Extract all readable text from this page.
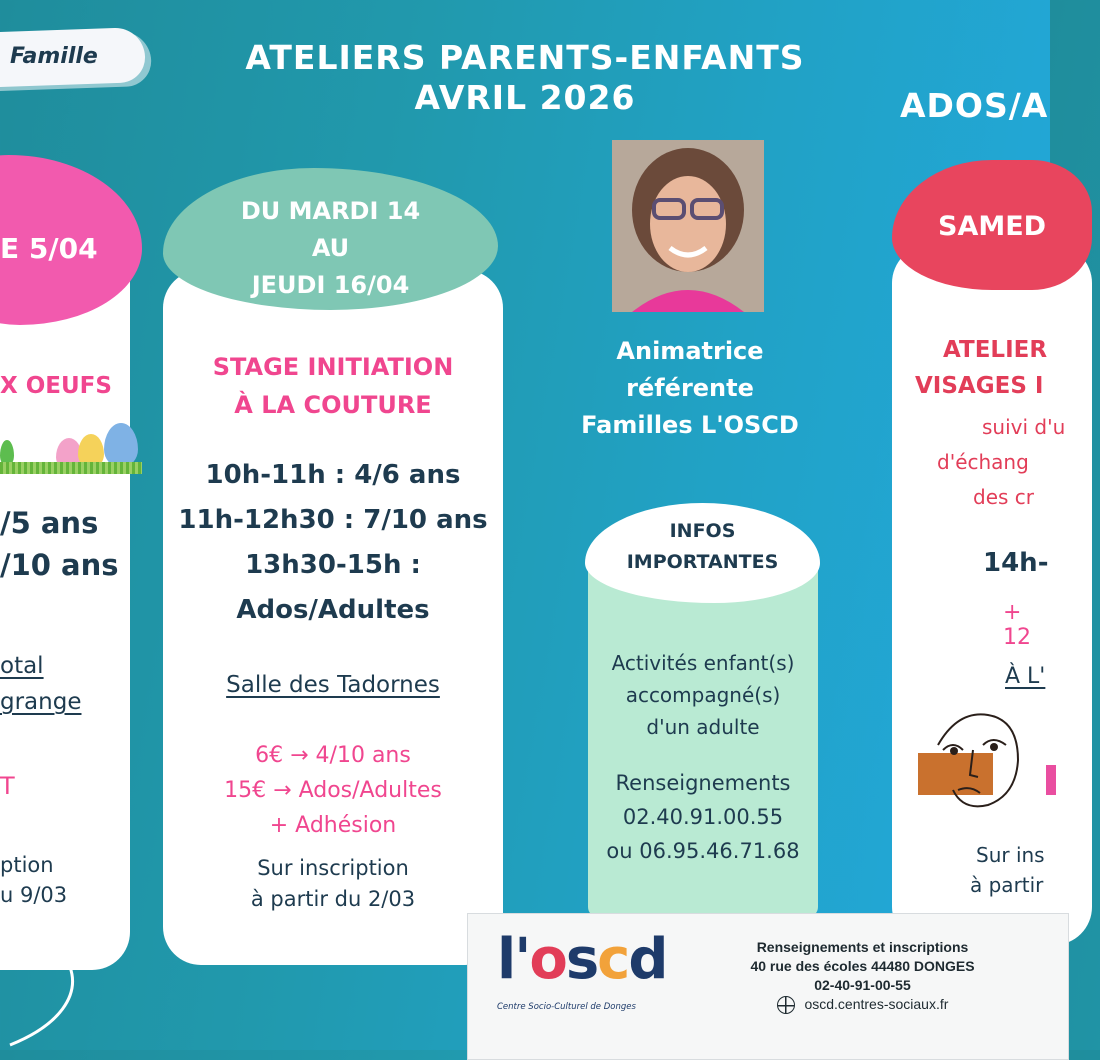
Famille	ATELIERS PARENTS-ENFANTS
AVRIL 2026	ADOS/A
E 5/04
X OEUFS
/5 ans
/10 ans
otal
grange
T
ption
u 9/03
DU MARDI 14
AU
JEUDI 16/04
STAGE INITIATION
À LA COUTURE
10h-11h : 4/6 ans
11h-12h30 : 7/10 ans
13h30-15h :
Ados/Adultes
Salle des Tadornes
6€ → 4/10 ans
15€ → Ados/Adultes
+ Adhésion
Sur inscription
à partir du 2/03
Animatrice
référente
Familles L'OSCD
INFOS
IMPORTANTES
Activités enfant(s)
accompagné(s)
d'un adulte
Renseignements
02.40.91.00.55
ou 06.95.46.71.68
SAMED
ATELIER
VISAGES I
suivi d'u
d'échang
des cr
14h-
+ 12
À L'
Sur ins
à partir
l'oscd
Centre Socio-Culturel de Donges
Renseignements et inscriptions
40 rue des écoles 44480 DONGES
02-40-91-00-55
oscd.centres-sociaux.fr
